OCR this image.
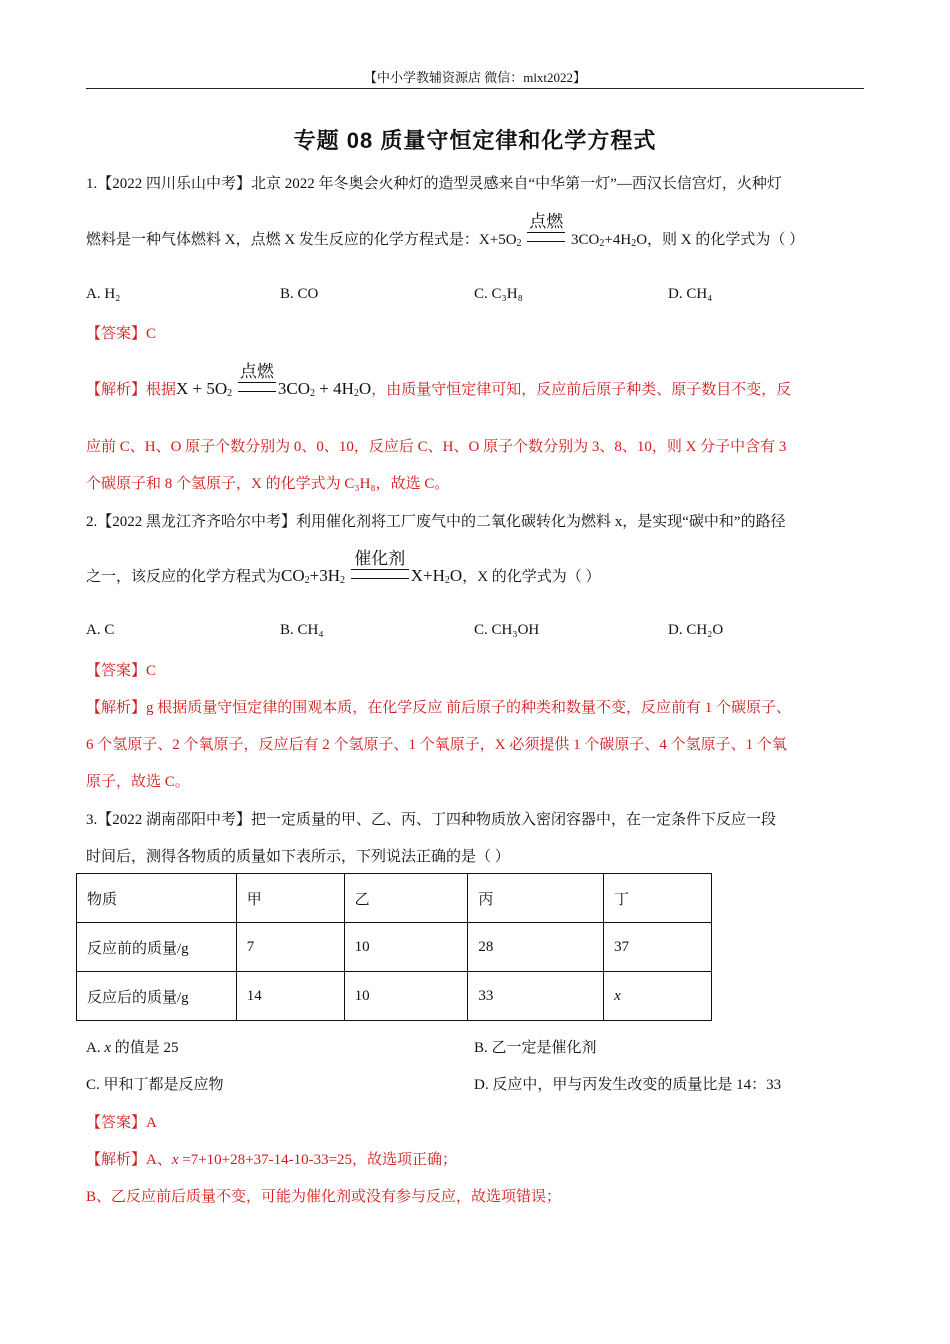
【中小学教辅资源店 微信：mlxt2022】
专题 08 质量守恒定律和化学方程式
1.【2022 四川乐山中考】北京 2022 年冬奥会火种灯的造型灵感来自“中华第一灯”—西汉长信宫灯，火种灯
燃料是一种气体燃料 X，点燃 X 发生反应的化学方程式是：$X+5O_2$
点燃
$3CO_2+4H_2O$，则 X 的化学式为（ ）
A. H₂	B. CO	C. C₃H₈	D. CH₄
【答案】C
【解析】根据$X + 5O_2$
点燃
$3CO_2 + 4H_2O$，由质量守恒定律可知，反应前后原子种类、原子数目不变，反
应前 C、H、O 原子个数分别为 0、0、10，反应后 C、H、O 原子个数分别为 3、8、10，则 X 分子中含有 3
个碳原子和 8 个氢原子，X 的化学式为 C₃H₈，故选 C。
2.【2022 黑龙江齐齐哈尔中考】利用催化剂将工厂废气中的二氧化碳转化为燃料 x，是实现“碳中和”的路径
之一，该反应的化学方程式为$CO_2+3H_2$
催化剂
$X+H_2O$，X 的化学式为（ ）
A. C	B. CH₄	C. CH₃OH	D. CH₂O
【答案】C
【解析】g 根据质量守恒定律的围观本质，在化学反应 前后原子的种类和数量不变，反应前有 1 个碳原子、
6 个氢原子、2 个氧原子，反应后有 2 个氢原子、1 个氧原子，X 必须提供 1 个碳原子、4 个氢原子、1 个氧
原子，故选 C。
3.【2022 湖南邵阳中考】把一定质量的甲、乙、丙、丁四种物质放入密闭容器中，在一定条件下反应一段
时间后，测得各物质的质量如下表所示，下列说法正确的是（ ）
物质	甲	乙	丙	丁
反应前的质量/g	7	10	28	37
反应后的质量/g	14	10	33	x
A. x 的值是 25	B. 乙一定是催化剂
C. 甲和丁都是反应物	D. 反应中，甲与丙发生改变的质量比是 14：33
【答案】A
【解析】A、x =7+10+28+37-14-10-33=25，故选项正确；
B、乙反应前后质量不变，可能为催化剂或没有参与反应，故选项错误；
